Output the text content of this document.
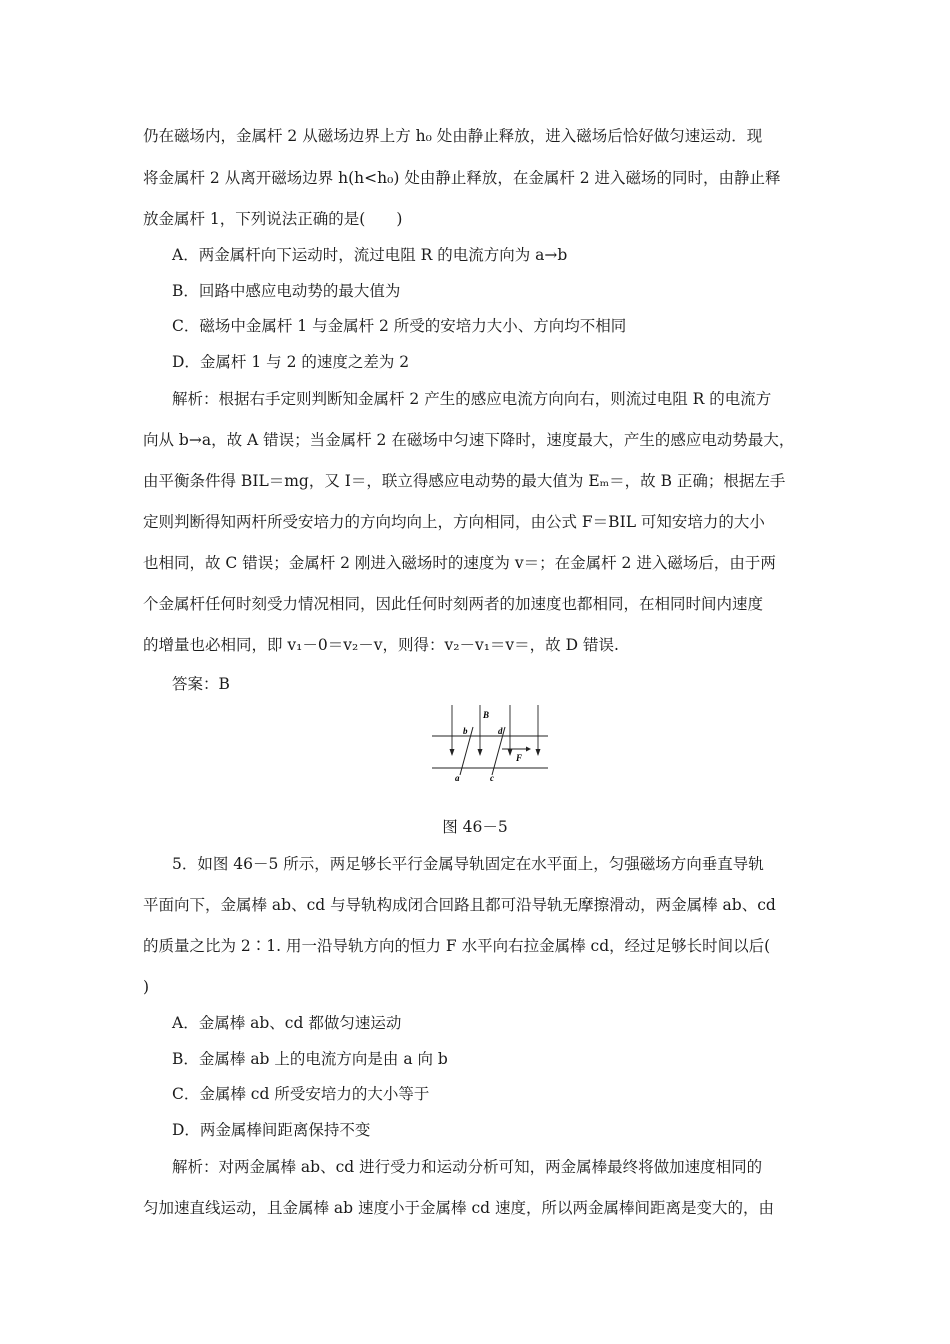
仍在磁场内，金属杆 2 从磁场边界上方 h₀ 处由静止释放，进入磁场后恰好做匀速运动．现
将金属杆 2 从离开磁场边界 h(h<h₀) 处由静止释放，在金属杆 2 进入磁场的同时，由静止释
放金属杆 1，下列说法正确的是(　　)
A．两金属杆向下运动时，流过电阻 R 的电流方向为 a→b
B．回路中感应电动势的最大值为
C．磁场中金属杆 1 与金属杆 2 所受的安培力大小、方向均不相同
D．金属杆 1 与 2 的速度之差为 2
解析：根据右手定则判断知金属杆 2 产生的感应电流方向向右，则流过电阻 R 的电流方
向从 b→a，故 A 错误；当金属杆 2 在磁场中匀速下降时，速度最大，产生的感应电动势最大，
由平衡条件得 BIL＝mg，又 I＝，联立得感应电动势的最大值为 Eₘ＝，故 B 正确；根据左手
定则判断得知两杆所受安培力的方向均向上，方向相同，由公式 F＝BIL 可知安培力的大小
也相同，故 C 错误；金属杆 2 刚进入磁场时的速度为 v＝；在金属杆 2 进入磁场后，由于两
个金属杆任何时刻受力情况相同，因此任何时刻两者的加速度也都相同，在相同时间内速度
的增量也必相同，即 v₁－0＝v₂－v，则得：v₂－v₁＝v＝，故 D 错误.
答案：B
B
b	d
a	c
F
图 46－5
5．如图 46－5 所示，两足够长平行金属导轨固定在水平面上，匀强磁场方向垂直导轨
平面向下，金属棒 ab、cd 与导轨构成闭合回路且都可沿导轨无摩擦滑动，两金属棒 ab、cd
的质量之比为 2∶1. 用一沿导轨方向的恒力 F 水平向右拉金属棒 cd，经过足够长时间以后(
)
A．金属棒 ab、cd 都做匀速运动
B．金属棒 ab 上的电流方向是由 a 向 b
C．金属棒 cd 所受安培力的大小等于
D．两金属棒间距离保持不变
解析：对两金属棒 ab、cd 进行受力和运动分析可知，两金属棒最终将做加速度相同的
匀加速直线运动，且金属棒 ab 速度小于金属棒 cd 速度，所以两金属棒间距离是变大的，由
